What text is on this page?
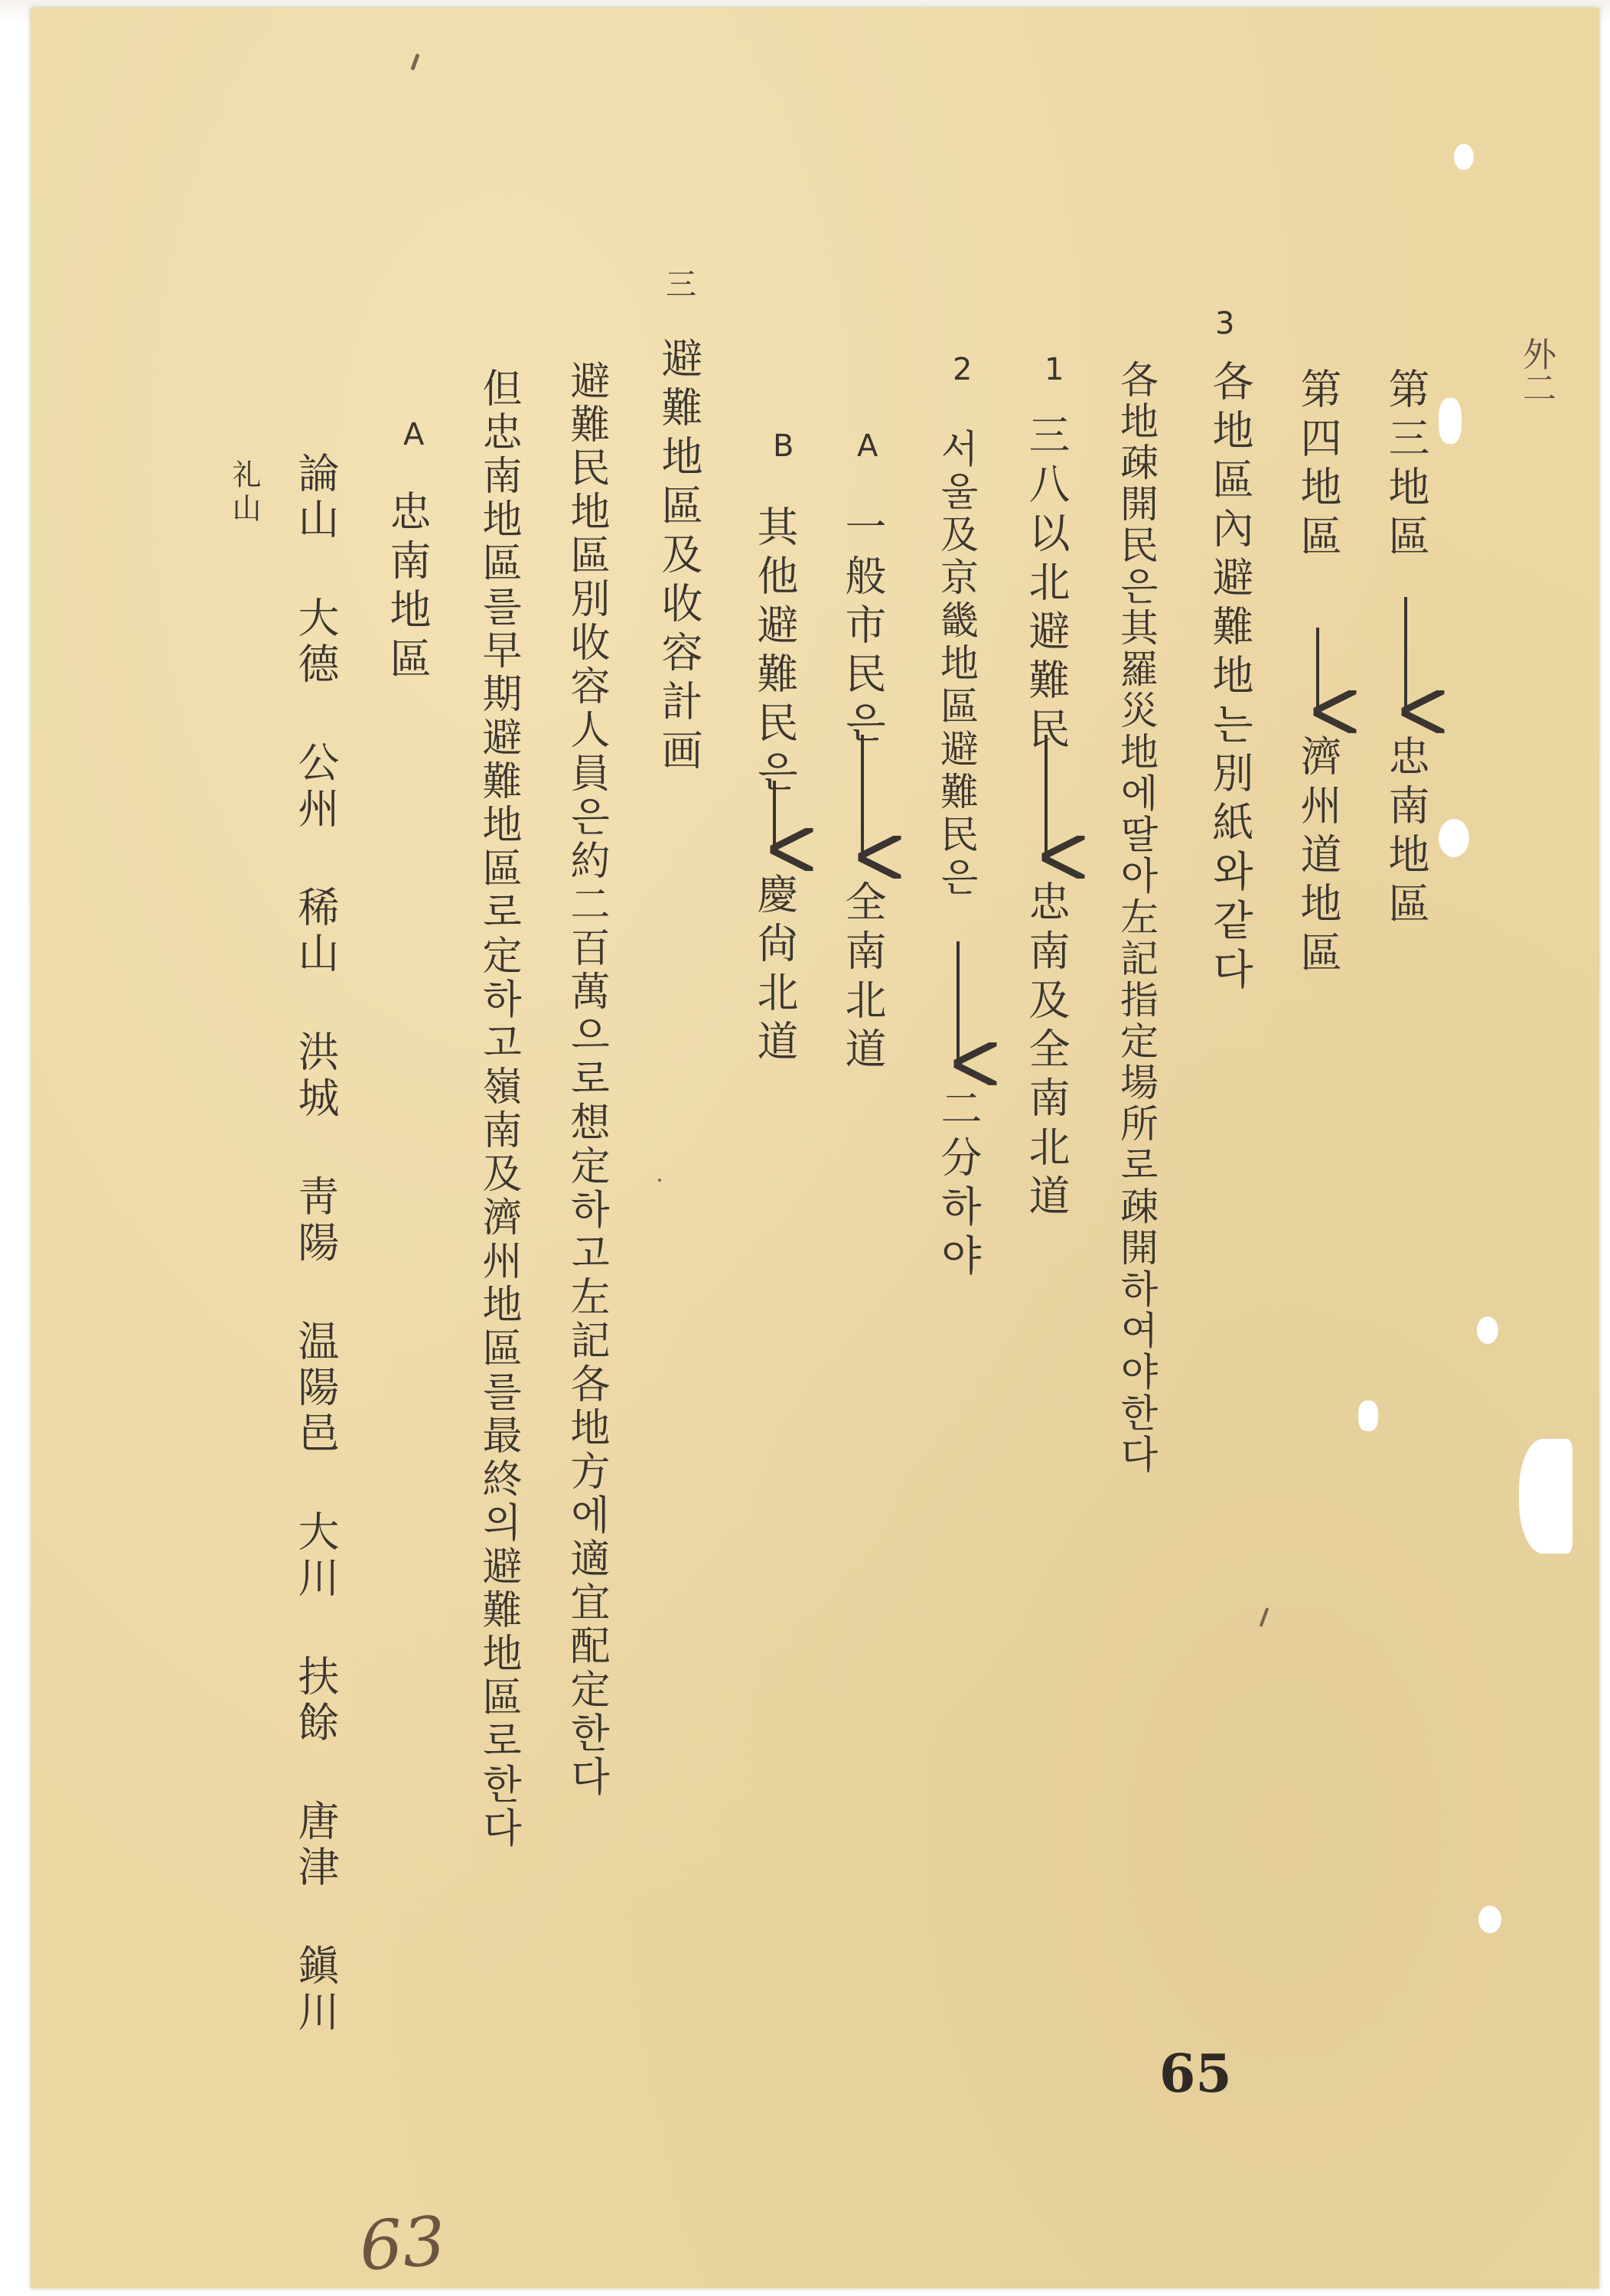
外二
第三地區
忠南地區
第四地區
濟州道地區
3
各地區內避難地는別紙와같다
各地疎開民은其羅災地에딸아左記指定場所로疎開하여야한다
1
三八以北避難民
忠南及全南北道
2
서울及京畿地區避難民은
二分하야
A
一般市民은
全南北道
B
其他避難民은
慶尙北道
三
避難地區及收容計画
避難民地區別收容人員은約二百萬으로想定하고左記各地方에適宜配定한다
但忠南地區를早期避難地區로定하고嶺南及濟州地區를最終의避難地區로한다
A
忠南地區
論山 大德 公州 稀山 洪城 靑陽 温陽邑 大川 扶餘 唐津 鎭川
礼山
65
63
